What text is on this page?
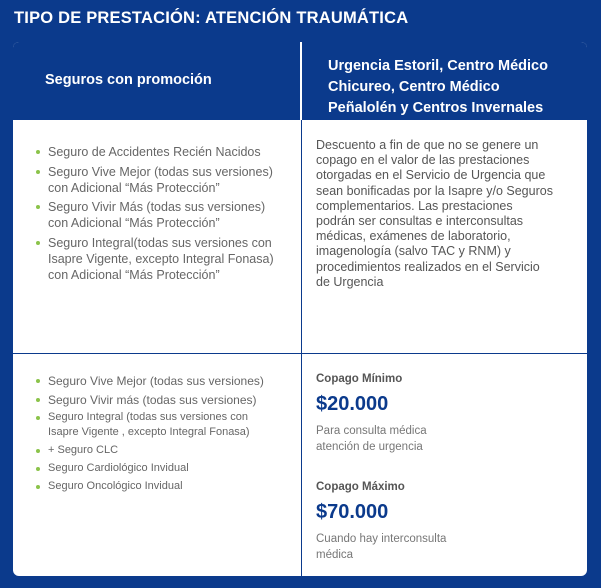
TIPO DE PRESTACIÓN: ATENCIÓN TRAUMÁTICA
Seguros con promoción
Urgencia Estoril, Centro Médico
Chicureo, Centro Médico
Peñalolén y Centros Invernales
Seguro de Accidentes Recién Nacidos
Seguro Vive Mejor (todas sus versiones)
con Adicional “Más Protección”
Seguro Vivir Más (todas sus versiones)
con Adicional “Más Protección”
Seguro Integral(todas sus versiones con
Isapre Vigente, excepto Integral Fonasa)
con Adicional “Más Protección”
Descuento a fin de que no se genere un
copago en el valor de las prestaciones
otorgadas en el Servicio de Urgencia que
sean bonificadas por la Isapre y/o Seguros
complementarios. Las prestaciones
podrán ser consultas e interconsultas
médicas, exámenes de laboratorio,
imagenología (salvo TAC y RNM) y
procedimientos realizados en el Servicio
de Urgencia
Seguro Vive Mejor (todas sus versiones)
Seguro Vivir más (todas sus versiones)
Seguro Integral (todas sus versiones con
Isapre Vigente , excepto Integral Fonasa)
+ Seguro CLC
Seguro Cardiológico Invidual
Seguro Oncológico Invidual
Copago Mínimo
$20.000
Para consulta médica
atención de urgencia
Copago Máximo
$70.000
Cuando hay interconsulta
médica
